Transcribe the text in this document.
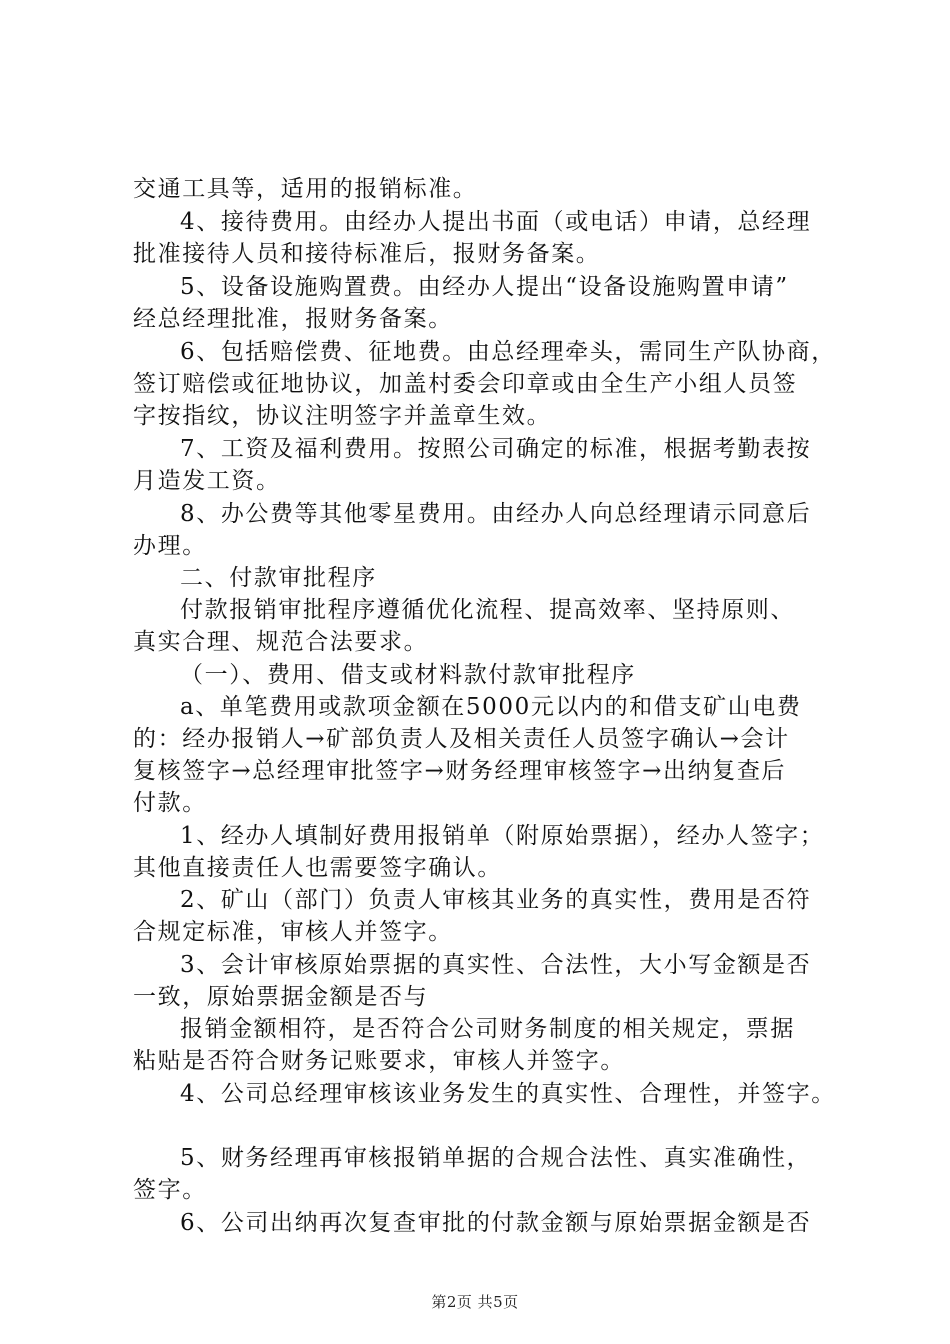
交通工具等，适用的报销标准。
4、接待费用。由经办人提出书面（或电话）申请，总经理
批准接待人员和接待标准后，报财务备案。
5、设备设施购置费。由经办人提出“设备设施购置申请”
经总经理批准，报财务备案。
6、包括赔偿费、征地费。由总经理牵头，需同生产队协商，
签订赔偿或征地协议，加盖村委会印章或由全生产小组人员签
字按指纹，协议注明签字并盖章生效。
7、工资及福利费用。按照公司确定的标准，根据考勤表按
月造发工资。
8、办公费等其他零星费用。由经办人向总经理请示同意后
办理。
二、付款审批程序
付款报销审批程序遵循优化流程、提高效率、坚持原则、
真实合理、规范合法要求。
（一）、费用、借支或材料款付款审批程序
a、单笔费用或款项金额在5000元以内的和借支矿山电费
的：经办报销人→矿部负责人及相关责任人员签字确认→会计
复核签字→总经理审批签字→财务经理审核签字→出纳复查后
付款。
1、经办人填制好费用报销单（附原始票据），经办人签字；
其他直接责任人也需要签字确认。
2、矿山（部门）负责人审核其业务的真实性，费用是否符
合规定标准，审核人并签字。
3、会计审核原始票据的真实性、合法性，大小写金额是否
一致，原始票据金额是否与
报销金额相符，是否符合公司财务制度的相关规定，票据
粘贴是否符合财务记账要求，审核人并签字。
4、公司总经理审核该业务发生的真实性、合理性，并签字。
5、财务经理再审核报销单据的合规合法性、真实准确性，
签字。
6、公司出纳再次复查审批的付款金额与原始票据金额是否
第2页 共5页
